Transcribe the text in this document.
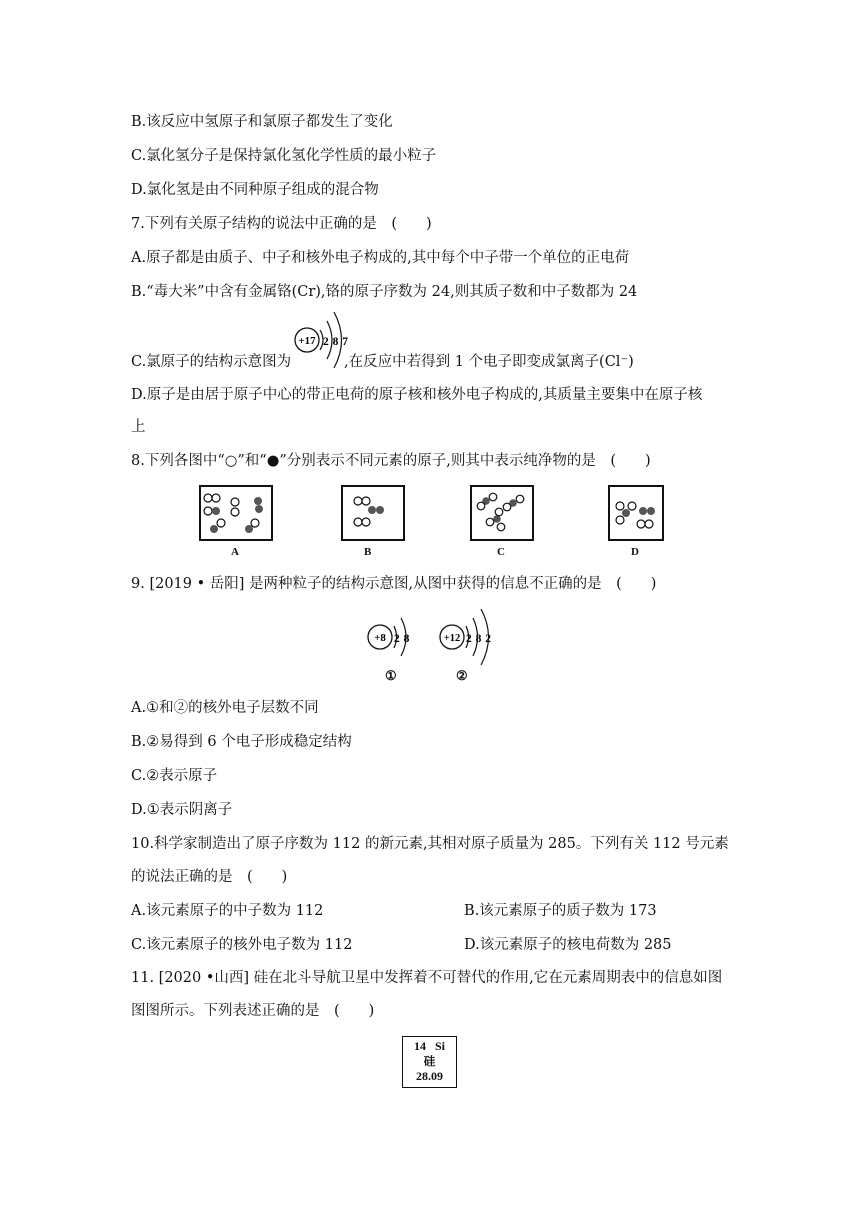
B.该反应中氢原子和氯原子都发生了变化
C.氯化氢分子是保持氯化氢化学性质的最小粒子
D.氯化氢是由不同种原子组成的混合物
7.下列有关原子结构的说法中正确的是　(　　)
A.原子都是由质子、中子和核外电子构成的,其中每个中子带一个单位的正电荷
B.“毒大米”中含有金属铬(Cr),铬的原子序数为 24,则其质子数和中子数都为 24
+17 2 8 7
C.氯原子的结构示意图为	,在反应中若得到 1 个电子即变成氯离子(Cl⁻)
D.原子是由居于原子中心的带正电荷的原子核和核外电子构成的,其质量主要集中在原子核
上
8.下列各图中“○”和“●”分别表示不同元素的原子,则其中表示纯净物的是　(　　)
A	B	C	D
9. [2019 • 岳阳] 是两种粒子的结构示意图,从图中获得的信息不正确的是　(　　)
+8 2 8
①
+12 2 8 2
②
A.①和②的核外电子层数不同
B.②易得到 6 个电子形成稳定结构
C.②表示原子
D.①表示阴离子
10.科学家制造出了原子序数为 112 的新元素,其相对原子质量为 285。下列有关 112 号元素
的说法正确的是　(　　)
A.该元素原子的中子数为 112	B.该元素原子的质子数为 173
C.该元素原子的核外电子数为 112	D.该元素原子的核电荷数为 285
11. [2020 •山西] 硅在北斗导航卫星中发挥着不可替代的作用,它在元素周期表中的信息如图
图图所示。下列表述正确的是　(　　)
14 Si
硅
28.09
